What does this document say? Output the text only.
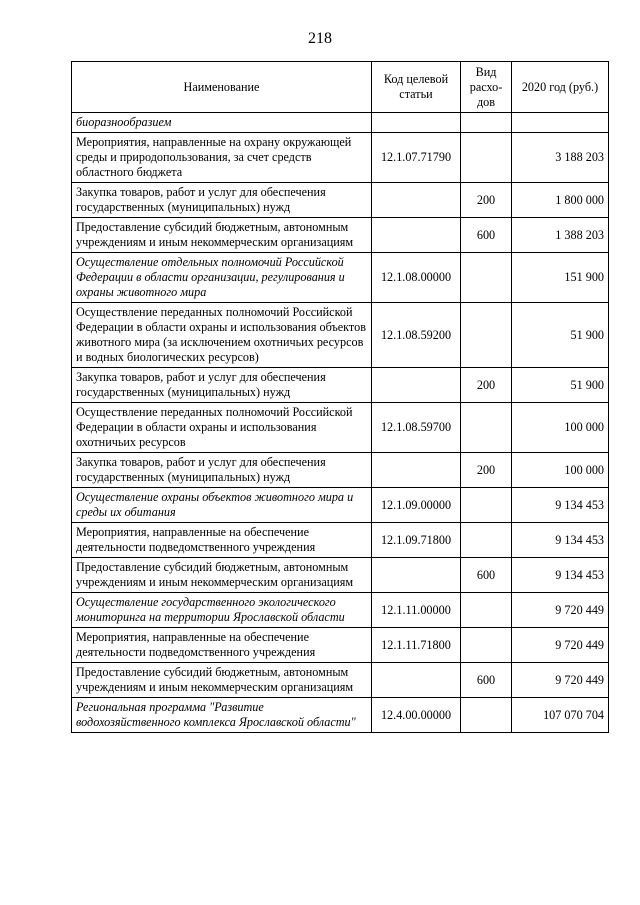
218
Наименование	Код целевой статьи	Вид расхо-дов	2020 год (руб.)
биоразнообразием			
Мероприятия, направленные на охрану окружающей среды и природопользования, за счет средств областного бюджета	12.1.07.71790		3 188 203
Закупка товаров, работ и услуг для обеспечения государственных (муниципальных) нужд		200	1 800 000
Предоставление субсидий бюджетным, автономным учреждениям и иным некоммерческим организациям		600	1 388 203
Осуществление отдельных полномочий Российской Федерации в области организации, регулирования и охраны животного мира	12.1.08.00000		151 900
Осуществление переданных полномочий Российской Федерации в области охраны и использования объектов животного мира (за исключением охотничьих ресурсов и водных биологических ресурсов)	12.1.08.59200		51 900
Закупка товаров, работ и услуг для обеспечения государственных (муниципальных) нужд		200	51 900
Осуществление переданных полномочий Российской Федерации в области охраны и использования охотничьих ресурсов	12.1.08.59700		100 000
Закупка товаров, работ и услуг для обеспечения государственных (муниципальных) нужд		200	100 000
Осуществление охраны объектов животного мира и среды их обитания	12.1.09.00000		9 134 453
Мероприятия, направленные на обеспечение деятельности подведомственного учреждения	12.1.09.71800		9 134 453
Предоставление субсидий бюджетным, автономным учреждениям и иным некоммерческим организациям		600	9 134 453
Осуществление государственного экологического мониторинга на территории Ярославской области	12.1.11.00000		9 720 449
Мероприятия, направленные на обеспечение деятельности подведомственного учреждения	12.1.11.71800		9 720 449
Предоставление субсидий бюджетным, автономным учреждениям и иным некоммерческим организациям		600	9 720 449
Региональная программа "Развитие водохозяйственного комплекса Ярославской области"	12.4.00.00000		107 070 704
